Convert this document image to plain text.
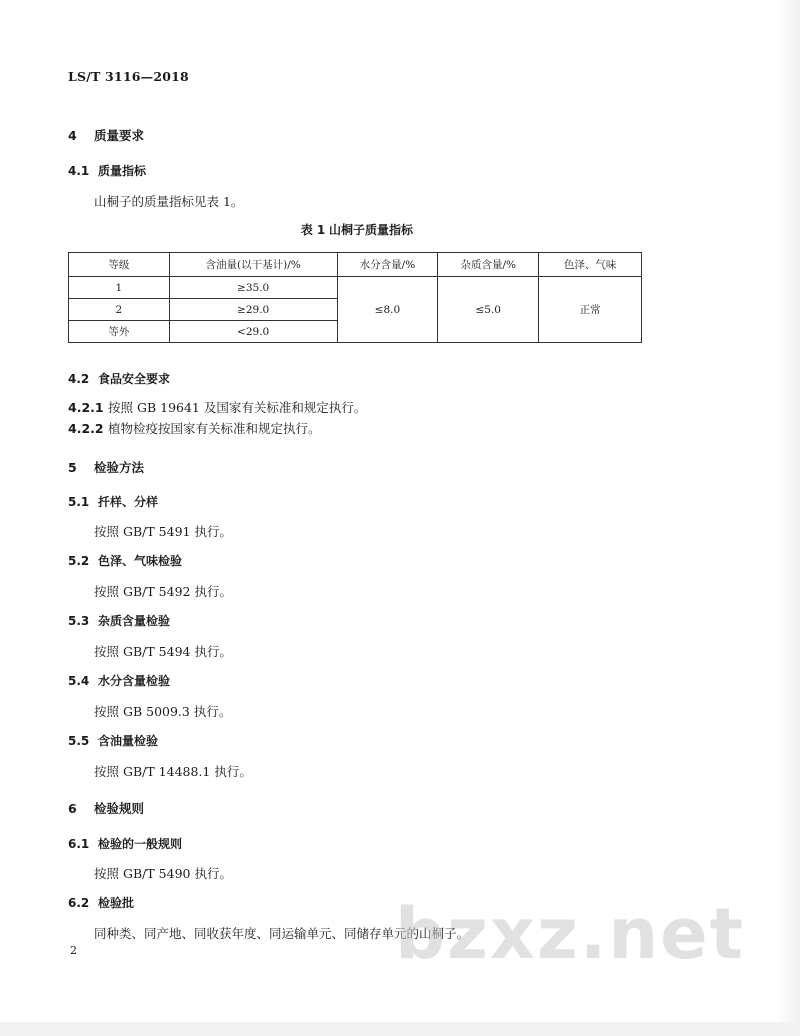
LS/T 3116—2018
4 质量要求
4.1 质量指标
山桐子的质量指标见表 1。
表 1 山桐子质量指标
等级	含油量(以干基计)/%	水分含量/%	杂质含量/%	色泽、气味
1	≥35.0	≤8.0	≤5.0	正常
2	≥29.0			
等外	<29.0			
4.2 食品安全要求
4.2.1 按照 GB 19641 及国家有关标准和规定执行。
4.2.2 植物检疫按国家有关标准和规定执行。
5 检验方法
5.1 扦样、分样
按照 GB/T 5491 执行。
5.2 色泽、气味检验
按照 GB/T 5492 执行。
5.3 杂质含量检验
按照 GB/T 5494 执行。
5.4 水分含量检验
按照 GB 5009.3 执行。
5.5 含油量检验
按照 GB/T 14488.1 执行。
6 检验规则
6.1 检验的一般规则
按照 GB/T 5490 执行。
6.2 检验批
同种类、同产地、同收获年度、同运输单元、同储存单元的山桐子。
bzxz.net
2
